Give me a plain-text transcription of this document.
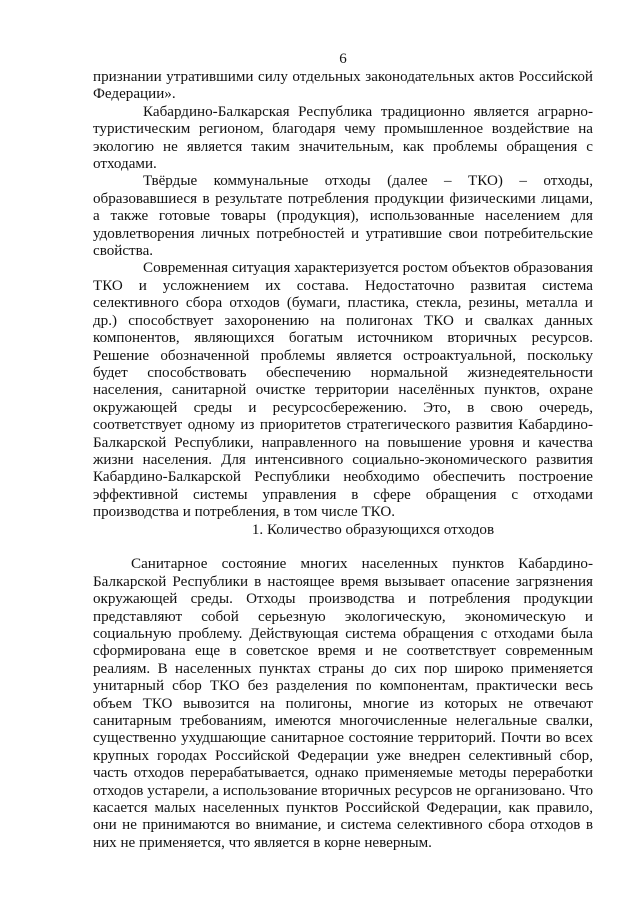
6

признании утратившими силу отдельных законодательных актов Российской Федерации».

Кабардино-Балкарская Республика традиционно является аграрно-туристическим регионом, благодаря чему промышленное воздействие на экологию не является таким значительным, как проблемы обращения с отходами.

Твёрдые коммунальные отходы (далее – ТКО) – отходы, образовавшиеся в результате потребления продукции физическими лицами, а также готовые товары (продукция), использованные населением для удовлетворения личных потребностей и утратившие свои потребительские свойства.

Современная ситуация характеризуется ростом объектов образования ТКО и усложнением их состава. Недостаточно развитая система селективного сбора отходов (бумаги, пластика, стекла, резины, металла и др.) способствует захоронению на полигонах ТКО и свалках данных компонентов, являющихся богатым источником вторичных ресурсов. Решение обозначенной проблемы является остроактуальной, поскольку будет способствовать обеспечению нормальной жизнедеятельности населения, санитарной очистке территории населённых пунктов, охране окружающей среды и ресурсосбережению. Это, в свою очередь, соответствует одному из приоритетов стратегического развития Кабардино-Балкарской Республики, направленного на повышение уровня и качества жизни населения. Для интенсивного социально-экономического развития Кабардино-Балкарской Республики необходимо обеспечить построение эффективной системы управления в сфере обращения с отходами производства и потребления, в том числе ТКО.

1. Количество образующихся отходов

Санитарное состояние многих населенных пунктов Кабардино-Балкарской Республики в настоящее время вызывает опасение загрязнения окружающей среды. Отходы производства и потребления продукции представляют собой серьезную экологическую, экономическую и социальную проблему. Действующая система обращения с отходами была сформирована еще в советское время и не соответствует современным реалиям. В населенных пунктах страны до сих пор широко применяется унитарный сбор ТКО без разделения по компонентам, практически весь объем ТКО вывозится на полигоны, многие из которых не отвечают санитарным требованиям, имеются многочисленные нелегальные свалки, существенно ухудшающие санитарное состояние территорий. Почти во всех крупных городах Российской Федерации уже внедрен селективный сбор, часть отходов перерабатывается, однако применяемые методы переработки отходов устарели, а использование вторичных ресурсов не организовано. Что касается малых населенных пунктов Российской Федерации, как правило, они не принимаются во внимание, и система селективного сбора отходов в них не применяется, что является в корне неверным.
